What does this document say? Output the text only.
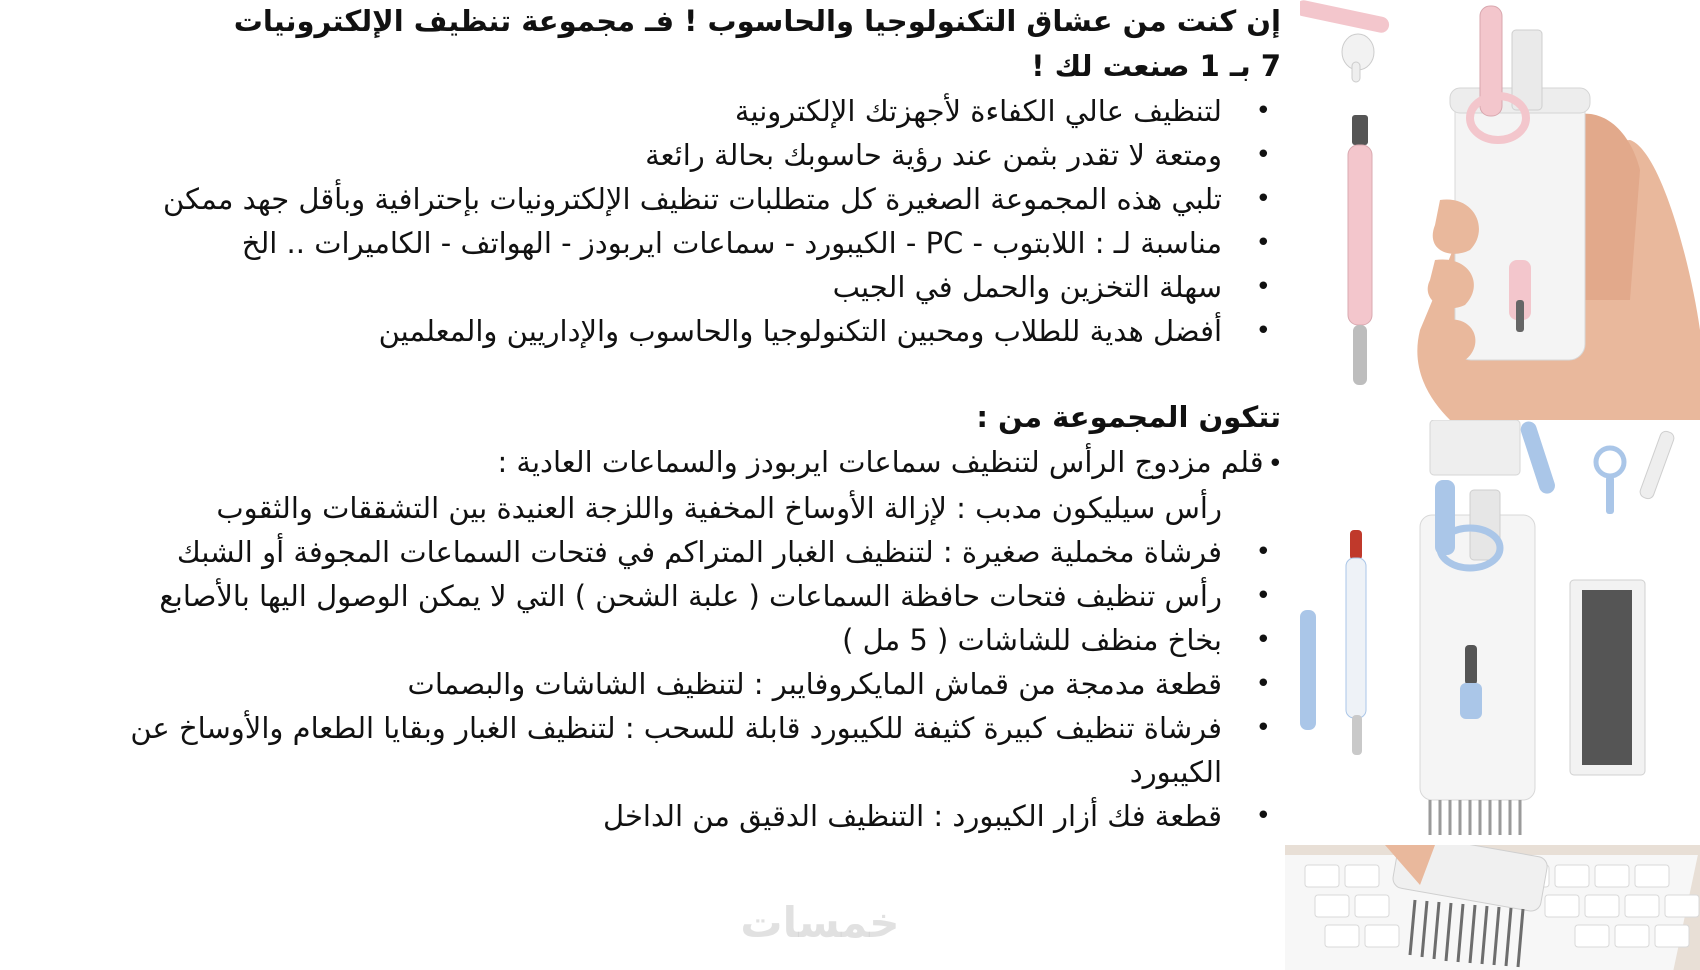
إن كنت من عشاق التكنولوجيا والحاسوب ! فـ مجموعة تنظيف الإلكترونيات
7 بـ 1 صنعت لك !

• لتنظيف عالي الكفاءة لأجهزتك الإلكترونية
• ومتعة لا تقدر بثمن عند رؤية حاسوبك بحالة رائعة
• تلبي هذه المجموعة الصغيرة كل متطلبات تنظيف الإلكترونيات بإحترافية وبأقل جهد ممكن
• مناسبة لـ : اللابتوب - PC - الكيبورد - سماعات ايربودز - الهواتف - الكاميرات .. الخ
• سهلة التخزين والحمل في الجيب
• أفضل هدية للطلاب ومحبين التكنولوجيا والحاسوب والإداريين والمعلمين

تتكون المجموعة من :

•قلم مزدوج الرأس لتنظيف سماعات ايربودز والسماعات العادية :
• رأس سيليكون مدبب : لإزالة الأوساخ المخفية واللزجة العنيدة بين التشققات والثقوب
• فرشاة مخملية صغيرة : لتنظيف الغبار المتراكم في فتحات السماعات المجوفة أو الشبك
• رأس تنظيف فتحات حافظة السماعات ( علبة الشحن ) التي لا يمكن الوصول اليها بالأصابع
• بخاخ منظف للشاشات ( 5 مل )
• قطعة مدمجة من قماش المايكروفايبر : لتنظيف الشاشات والبصمات
• فرشاة تنظيف كبيرة كثيفة للكيبورد قابلة للسحب : لتنظيف الغبار وبقايا الطعام والأوساخ عن الكيبورد
• قطعة فك أزار الكيبورد : التنظيف الدقيق من الداخل
خمسات
